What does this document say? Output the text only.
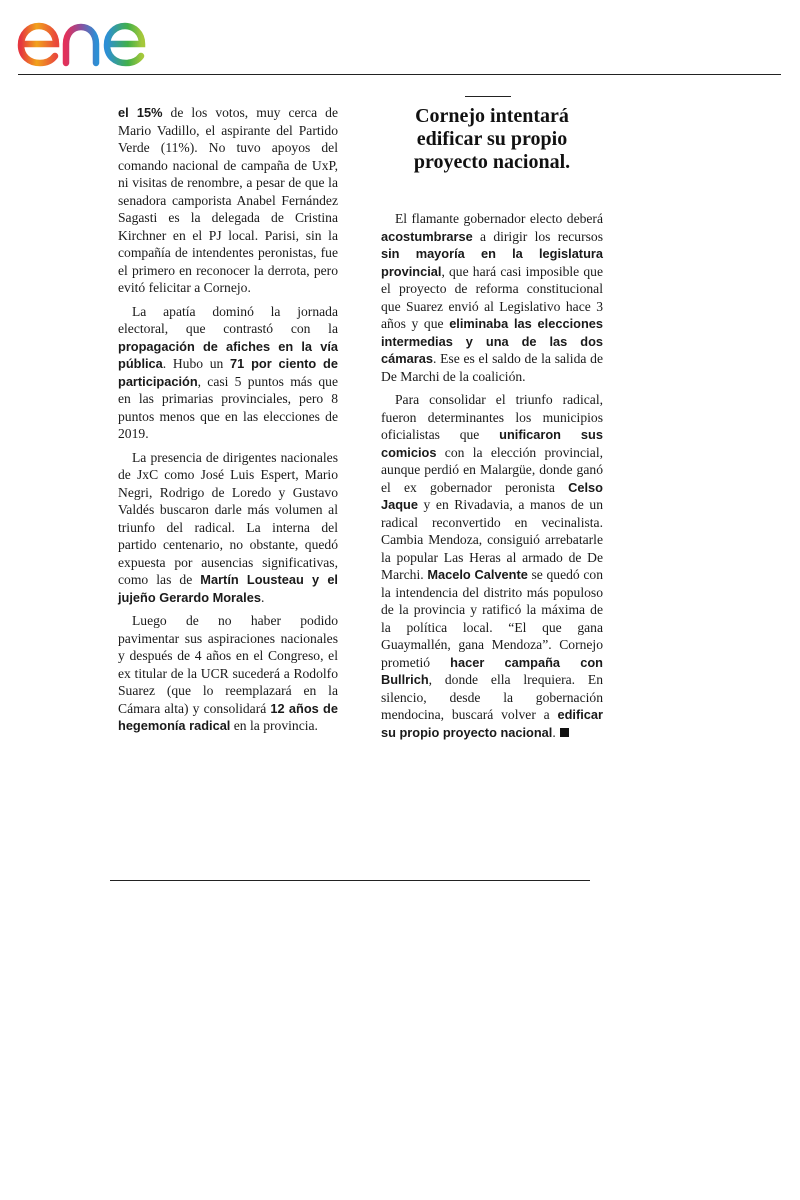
el 15% de los votos, muy cerca de Mario Vadillo, el aspirante del Partido Verde (11%). No tuvo apoyos del comando nacional de campaña de UxP, ni visitas de renombre, a pesar de que la senadora camporista Anabel Fernández Sagasti es la delegada de Cristina Kirchner en el PJ local. Parisi, sin la compañía de intendentes peronistas, fue el primero en reconocer la derrota, pero evitó felicitar a Cornejo.

La apatía dominó la jornada electoral, que contrastó con la propagación de afiches en la vía pública. Hubo un 71 por ciento de participación, casi 5 puntos más que en las primarias provinciales, pero 8 puntos menos que en las elecciones de 2019.

La presencia de dirigentes nacionales de JxC como José Luis Espert, Mario Negri, Rodrigo de Loredo y Gustavo Valdés buscaron darle más volumen al triunfo del radical. La interna del partido centenario, no obstante, quedó expuesta por ausencias significativas, como las de Martín Lousteau y el jujeño Gerardo Morales.

Luego de no haber podido pavimentar sus aspiraciones nacionales y después de 4 años en el Congreso, el ex titular de la UCR sucederá a Rodolfo Suarez (que lo reemplazará en la Cámara alta) y consolidará 12 años de hegemonía radical en la provincia.

Cornejo intentará edificar su propio proyecto nacional.

El flamante gobernador electo deberá acostumbrarse a dirigir los recursos sin mayoría en la legislatura provincial, que hará casi imposible que el proyecto de reforma constitucional que Suarez envió al Legislativo hace 3 años y que eliminaba las elecciones intermedias y una de las dos cámaras. Ese es el saldo de la salida de De Marchi de la coalición.

Para consolidar el triunfo radical, fueron determinantes los municipios oficialistas que unificaron sus comicios con la elección provincial, aunque perdió en Malargüe, donde ganó el ex gobernador peronista Celso Jaque y en Rivadavia, a manos de un radical reconvertido en vecinalista. Cambia Mendoza, consiguió arrebatarle la popular Las Heras al armado de De Marchi. Macelo Calvente se quedó con la intendencia del distrito más populoso de la provincia y ratificó la máxima de la política local. “El que gana Guaymallén, gana Mendoza”. Cornejo prometió hacer campaña con Bullrich, donde ella lrequiera. En silencio, desde la gobernación mendocina, buscará volver a edificar su propio proyecto nacional.
